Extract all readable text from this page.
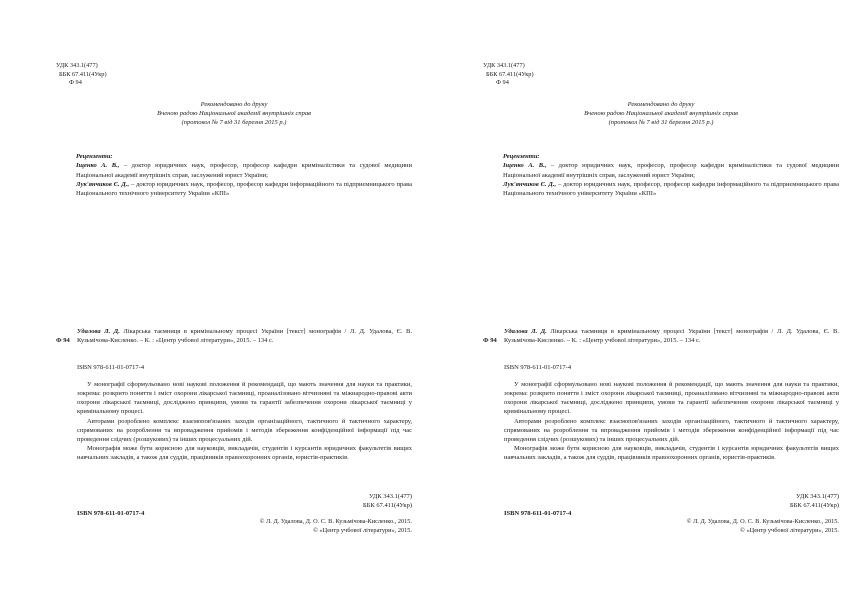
УДК 343.1(477)
ББК 67.411(4Укр)
Ф 94
Рекомендовано до друку
Вченою радою Національної академії внутрішніх справ
(протокол № 7 від 31 березня 2015 р.)
Рецензенти:
Іщенко А. В., – доктор юридичних наук, професор, професор кафедри криміналістики та судової медицини Національної академії внутрішніх справ, заслужений юрист України;
Лук'янчиков Є. Д., – доктор юридичних наук, професор, професор кафедри інформаційного та підприємницького права Національного технічного університету України «КПІ»
Ф 94
Удалова Л. Д. Лікарська таємниця в кримінальному процесі України [текст] монографія / Л. Д. Удалова, Є. В. Кузьмічова-Кисленко. – К. : «Центр учбової літератури», 2015. – 134 с.
ISBN 978-611-01-0717-4

У монографії сформульовано нові наукові положення й рекомендації, що мають значення для науки та практики, зокрема: розкрито поняття і зміст охорони лікарської таємниці, проаналізовано вітчизняні та міжнародно-правові акти охорони лікарської таємниці, досліджено принципи, умови та гарантії забезпечення охорони лікарської таємниці у кримінальному процесі.

Авторами розроблено комплекс взаємопов'язаних заходів організаційного, тактичного й тактичного характеру, спрямованих на розроблення та впровадження прийомів і методів збереження конфіденційної інформації під час проведення слідчих (розшукових) та інших процесуальних дій.

Монографія може бути корисною для науковців, викладачів, студентів і курсантів юридичних факультетів вищих навчальних закладів, а також для суддів, працівників правоохоронних органів, юристів-практиків.

УДК 343.1(477)
ББК 67.411(4Укр)
ISBN 978-611-01-0717-4
© Л. Д. Удалова, Д. О. С. В. Кузьмічова-Кисленко., 2015.
© «Центр учбової літератури», 2015.
УДК 343.1(477)
ББК 67.411(4Укр)
Ф 94
Рекомендовано до друку
Вченою радою Національної академії внутрішніх справ
(протокол № 7 від 31 березня 2015 р.)
Рецензенти:
Іщенко А. В., – доктор юридичних наук, професор, професор кафедри криміналістики та судової медицини Національної академії внутрішніх справ, заслужений юрист України;
Лук'янчиков Є. Д., – доктор юридичних наук, професор, професор кафедри інформаційного та підприємницького права Національного технічного університету України «КПІ»
Ф 94
Удалова Л. Д. Лікарська таємниця в кримінальному процесі України [текст] монографія / Л. Д. Удалова, Є. В. Кузьмічова-Кисленко. – К. : «Центр учбової літератури», 2015. – 134 с.
ISBN 978-611-01-0717-4

У монографії сформульовано нові наукові положення й рекомендації, що мають значення для науки та практики, зокрема: розкрито поняття і зміст охорони лікарської таємниці, проаналізовано вітчизняні та міжнародно-правові акти охорони лікарської таємниці, досліджено принципи, умови та гарантії забезпечення охорони лікарської таємниці у кримінальному процесі.

Авторами розроблено комплекс взаємопов'язаних заходів організаційного, тактичного й тактичного характеру, спрямованих на розроблення та впровадження прийомів і методів збереження конфіденційної інформації під час проведення слідчих (розшукових) та інших процесуальних дій.

Монографія може бути корисною для науковців, викладачів, студентів і курсантів юридичних факультетів вищих навчальних закладів, а також для суддів, працівників правоохоронних органів, юристів-практиків.

УДК 343.1(477)
ББК 67.411(4Укр)
ISBN 978-611-01-0717-4
© Л. Д. Удалова, Д. О. С. В. Кузьмічова-Кисленко., 2015.
© «Центр учбової літератури», 2015.
